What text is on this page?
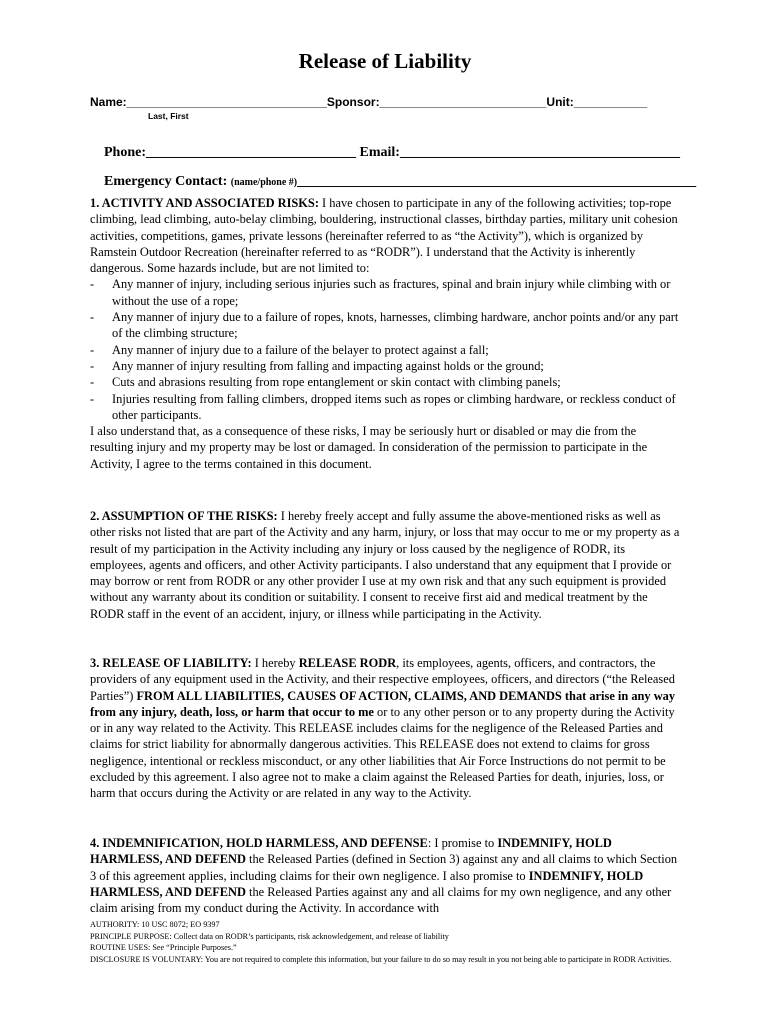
Release of Liability
Name:______________________________Sponsor:_________________________Unit:___________
Last, First

Phone:______________________________ Email:________________________________________

Emergency Contact: (name/phone #)_________________________________________________________

1. ACTIVITY AND ASSOCIATED RISKS: I have chosen to participate in any of the following activities; top-rope climbing, lead climbing, auto-belay climbing, bouldering, instructional classes, birthday parties, military unit cohesion activities, competitions, games, private lessons (hereinafter referred to as “the Activity”), which is organized by Ramstein Outdoor Recreation (hereinafter referred to as “RODR”). I understand that the Activity is inherently dangerous. Some hazards include, but are not limited to:

- Any manner of injury, including serious injuries such as fractures, spinal and brain injury while climbing with or without the use of a rope;
- Any manner of injury due to a failure of ropes, knots, harnesses, climbing hardware, anchor points and/or any part of the climbing structure;
- Any manner of injury due to a failure of the belayer to protect against a fall;
- Any manner of injury resulting from falling and impacting against holds or the ground;
- Cuts and abrasions resulting from rope entanglement or skin contact with climbing panels;
- Injuries resulting from falling climbers, dropped items such as ropes or climbing hardware, or reckless conduct of other participants.

I also understand that, as a consequence of these risks, I may be seriously hurt or disabled or may die from the resulting injury and my property may be lost or damaged. In consideration of the permission to participate in the Activity, I agree to the terms contained in this document.

2. ASSUMPTION OF THE RISKS: I hereby freely accept and fully assume the above-mentioned risks as well as other risks not listed that are part of the Activity and any harm, injury, or loss that may occur to me or my property as a result of my participation in the Activity including any injury or loss caused by the negligence of RODR, its employees, agents and officers, and other Activity participants. I also understand that any equipment that I provide or may borrow or rent from RODR or any other provider I use at my own risk and that any such equipment is provided without any warranty about its condition or suitability. I consent to receive first aid and medical treatment by the RODR staff in the event of an accident, injury, or illness while participating in the Activity.

3. RELEASE OF LIABILITY: I hereby RELEASE RODR, its employees, agents, officers, and contractors, the providers of any equipment used in the Activity, and their respective employees, officers, and directors (“the Released Parties”) FROM ALL LIABILITIES, CAUSES OF ACTION, CLAIMS, AND DEMANDS that arise in any way from any injury, death, loss, or harm that occur to me or to any other person or to any property during the Activity or in any way related to the Activity. This RELEASE includes claims for the negligence of the Released Parties and claims for strict liability for abnormally dangerous activities. This RELEASE does not extend to claims for gross negligence, intentional or reckless misconduct, or any other liabilities that Air Force Instructions do not permit to be excluded by this agreement. I also agree not to make a claim against the Released Parties for death, injuries, loss, or harm that occurs during the Activity or are related in any way to the Activity.

4. INDEMNIFICATION, HOLD HARMLESS, AND DEFENSE: I promise to INDEMNIFY, HOLD HARMLESS, AND DEFEND the Released Parties (defined in Section 3) against any and all claims to which Section 3 of this agreement applies, including claims for their own negligence. I also promise to INDEMNIFY, HOLD HARMLESS, AND DEFEND the Released Parties against any and all claims for my own negligence, and any other claim arising from my conduct during the Activity. In accordance with

AUTHORITY: 10 USC 8072; EO 9397
PRINCIPLE PURPOSE: Collect data on RODR’s participants, risk acknowledgement, and release of liability
ROUTINE USES: See “Principle Purposes.”
DISCLOSURE IS VOLUNTARY: You are not required to complete this information, but your failure to do so may result in you not being able to participate in RODR Activities.
